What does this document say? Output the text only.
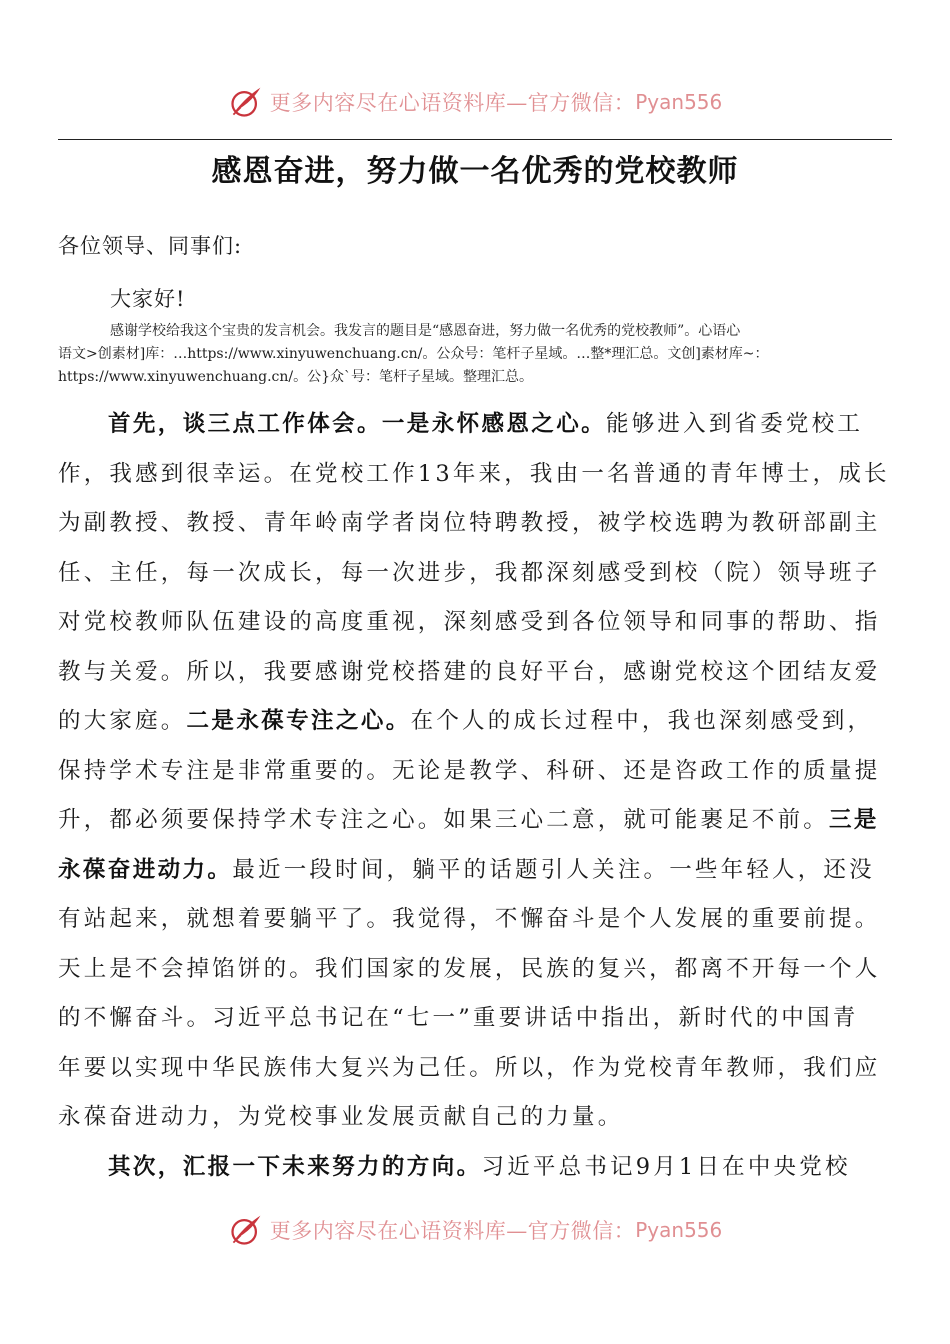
更多内容尽在心语资料库—官方微信： Pyan556
感恩奋进，努力做一名优秀的党校教师
各位领导、同事们:
大家好!

感谢学校给我这个宝贵的发言机会。我发言的题目是“感恩奋进，努力做一名优秀的党校教师”。心语心

语文>创素材]库：…https://www.xinyuwenchuang.cn/。公众号：笔杆子星域。…整*理汇总。文创]素材库~：

https://www.xinyuwenchuang.cn/。公}众`号：笔杆子星域。整理汇总。

首先，谈三点工作体会。一是永怀感恩之心。能够进入到省委党校工
作，我感到很幸运。在党校工作13年来，我由一名普通的青年博士，成长
为副教授、教授、青年岭南学者岗位特聘教授，被学校选聘为教研部副主
任、主任，每一次成长，每一次进步，我都深刻感受到校（院）领导班子
对党校教师队伍建设的高度重视，深刻感受到各位领导和同事的帮助、指
教与关爱。所以，我要感谢党校搭建的良好平台，感谢党校这个团结友爱
的大家庭。二是永葆专注之心。在个人的成长过程中，我也深刻感受到，
保持学术专注是非常重要的。无论是教学、科研、还是咨政工作的质量提
升，都必须要保持学术专注之心。如果三心二意，就可能裹足不前。三是
永葆奋进动力。最近一段时间，躺平的话题引人关注。一些年轻人，还没
有站起来，就想着要躺平了。我觉得，不懈奋斗是个人发展的重要前提。
天上是不会掉馅饼的。我们国家的发展，民族的复兴，都离不开每一个人
的不懈奋斗。习近平总书记在“七一”重要讲话中指出，新时代的中国青
年要以实现中华民族伟大复兴为己任。所以，作为党校青年教师，我们应
永葆奋进动力，为党校事业发展贡献自己的力量。
其次，汇报一下未来努力的方向。习近平总书记9月1日在中央党校
更多内容尽在心语资料库—官方微信： Pyan556
